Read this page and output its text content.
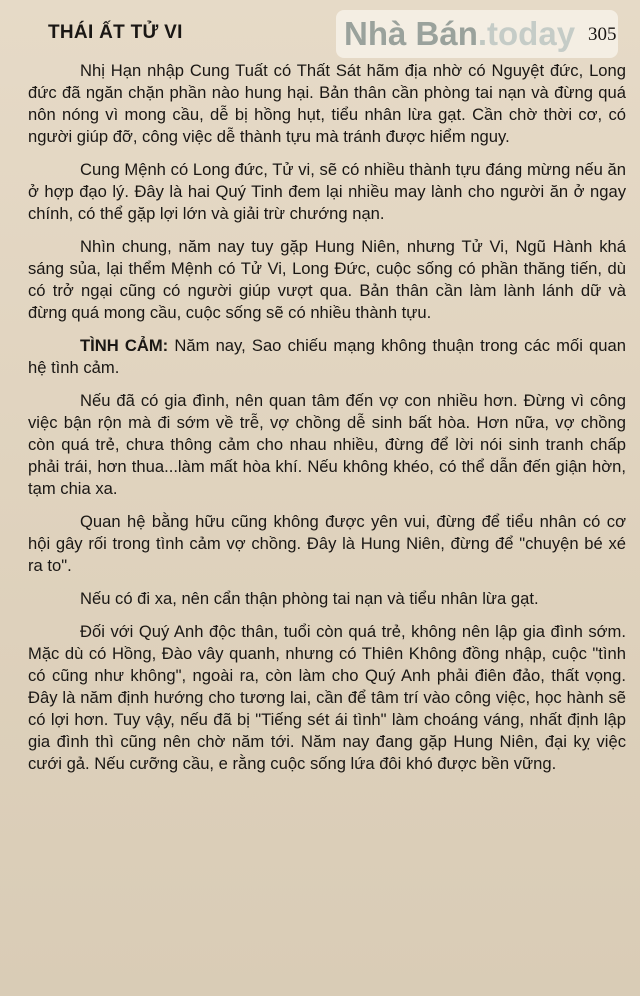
THÁI ẤT TỬ VI	Nhà Bán.today 305

Nhị Hạn nhập Cung Tuất có Thất Sát hãm địa nhờ có Nguyệt đức, Long đức đã ngăn chặn phần nào hung hại. Bản thân cần phòng tai nạn và đừng quá nôn nóng vì mong cầu, dễ bị hồng hụt, tiểu nhân lừa gạt. Cần chờ thời cơ, có người giúp đỡ, công việc dễ thành tựu mà tránh được hiểm nguy.

Cung Mệnh có Long đức, Tử vi, sẽ có nhiều thành tựu đáng mừng nếu ăn ở hợp đạo lý. Đây là hai Quý Tinh đem lại nhiều may lành cho người ăn ở ngay chính, có thể gặp lợi lớn và giải trừ chướng nạn.

Nhìn chung, năm nay tuy gặp Hung Niên, nhưng Tử Vi, Ngũ Hành khá sáng sủa, lại thểm Mệnh có Tử Vi, Long Đức, cuộc sống có phần thăng tiến, dù có trở ngại cũng có người giúp vượt qua. Bản thân cần làm lành lánh dữ và đừng quá mong cầu, cuộc sống sẽ có nhiều thành tựu.

TÌNH CẢM: Năm nay, Sao chiếu mạng không thuận trong các mối quan hệ tình cảm.

Nếu đã có gia đình, nên quan tâm đến vợ con nhiều hơn. Đừng vì công việc bận rộn mà đi sớm về trễ, vợ chồng dễ sinh bất hòa. Hơn nữa, vợ chồng còn quá trẻ, chưa thông cảm cho nhau nhiều, đừng để lời nói sinh tranh chấp phải trái, hơn thua...làm mất hòa khí. Nếu không khéo, có thể dẫn đến giận hờn, tạm chia xa.

Quan hệ bằng hữu cũng không được yên vui, đừng để tiểu nhân có cơ hội gây rối trong tình cảm vợ chồng. Đây là Hung Niên, đừng để "chuyện bé xé ra to".

Nếu có đi xa, nên cẩn thận phòng tai nạn và tiểu nhân lừa gạt.

Đối với Quý Anh độc thân, tuổi còn quá trẻ, không nên lập gia đình sớm. Mặc dù có Hồng, Đào vây quanh, nhưng có Thiên Không đồng nhập, cuộc "tình có cũng như không", ngoài ra, còn làm cho Quý Anh phải điên đảo, thất vọng. Đây là năm định hướng cho tương lai, cần để tâm trí vào công việc, học hành sẽ có lợi hơn. Tuy vậy, nếu đã bị "Tiếng sét ái tình" làm choáng váng, nhất định lập gia đình thì cũng nên chờ năm tới. Năm nay đang gặp Hung Niên, đại kỵ việc cưới gả. Nếu cưỡng cầu, e rằng cuộc sống lứa đôi khó được bền vững.
